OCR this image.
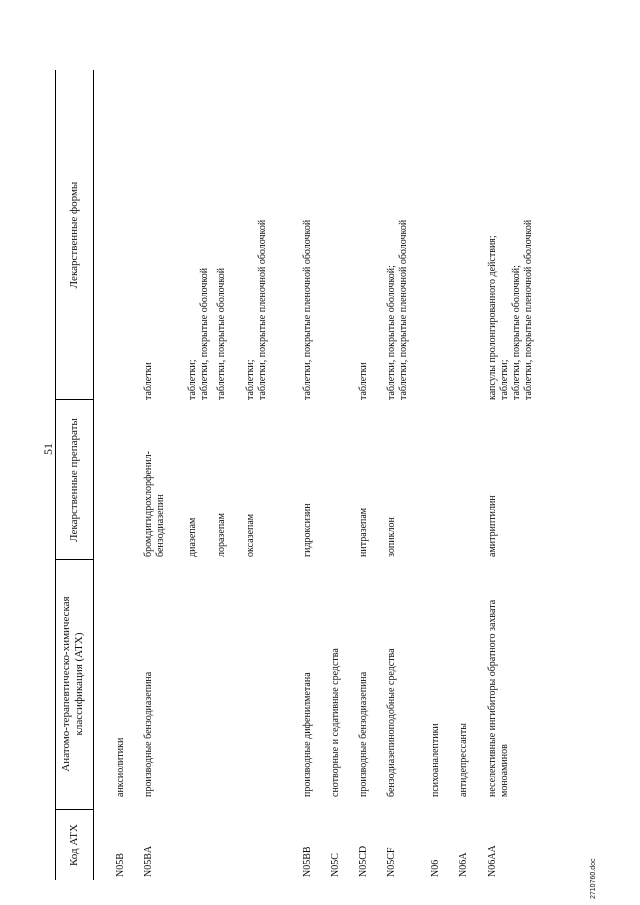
51
Код АТХ
Анатомо-терапевтическо-химическая классификация (АТХ)
Лекарственные препараты
Лекарственные формы
N05B
анксиолитики
N05BA
производные бензодиазепина
бромдигидрохлорфенил- бензодиазепин
таблетки
диазепам
таблетки; таблетки, покрытые оболочкой
лоразепам
таблетки, покрытые оболочкой
оксазепам
таблетки; таблетки, покрытые пленочной оболочкой
N05BB
производные дифенилметана
гидроксизин
таблетки, покрытые пленочной оболочкой
N05C
снотворные и седативные средства
N05CD
производные бензодиазепина
нитразепам
таблетки
N05CF
бензодиазепиноподобные средства
зопиклон
таблетки, покрытые оболочкой; таблетки, покрытые пленочной оболочкой
N06
психоаналептики
N06A
антидепрессанты
N06AA
неселективные ингибиторы обратного захвата моноаминов
амитриптилин
капсулы пролонгированного действия; таблетки; таблетки, покрытые оболочкой; таблетки, покрытые пленочной оболочкой
2710760.doc
